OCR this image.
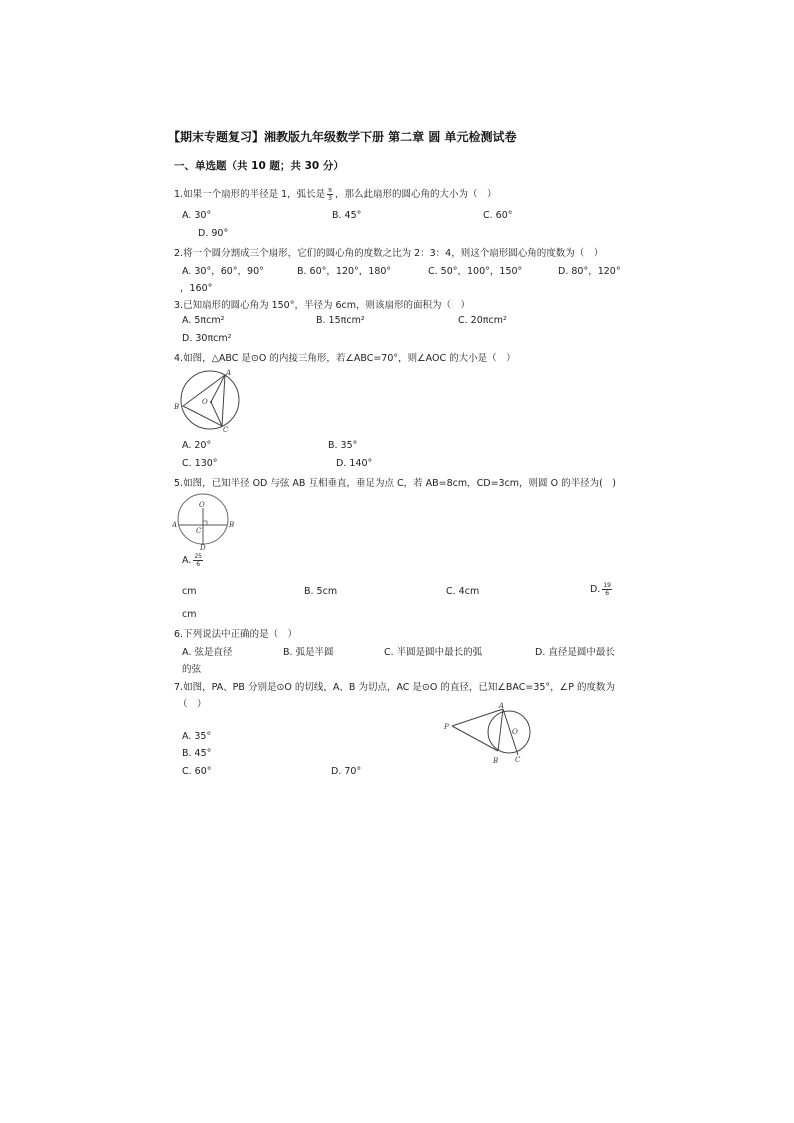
【期末专题复习】湘教版九年级数学下册 第二章 圆 单元检测试卷
一、单选题（共 10 题；共 30 分）
1.如果一个扇形的半径是 1，弧长是 $\frac{\pi}{3}$ ，那么此扇形的圆心角的大小为（　）
A. 30°	B. 45°	C. 60°
D. 90°
2.将一个圆分割成三个扇形，它们的圆心角的度数之比为 2：3：4，则这个扇形圆心角的度数为（　）
A. 30°，60°，90°	B. 60°，120°，180°	C. 50°，100°，150°	D. 80°，120°
，160°
3.已知扇形的圆心角为 150°，半径为 6cm，则该扇形的面积为（　）
A. 5πcm²	B. 15πcm²	C. 20πcm²
D. 30πcm²
4.如图，△ABC 是⊙O 的内接三角形，若∠ABC=70°，则∠AOC 的大小是（　）
A
B
C
O
A. 20°	B. 35°
C. 130°	D. 140°
5.如图，已知半径 OD 与弦 AB 互相垂直，垂足为点 C，若 AB=8cm，CD=3cm，则圆 O 的半径为(　)
O
A
C
B
D
A. $\frac{25}{6}$
cm	B. 5cm	C. 4cm	D. $\frac{19}{6}$
cm
6.下列说法中正确的是（　）
A. 弦是直径	B. 弧是半圆	C. 半圆是圆中最长的弧	D. 直径是圆中最长
的弦
7.如图，PA、PB 分别是⊙O 的切线，A、B 为切点，AC 是⊙O 的直径，已知∠BAC=35°，∠P 的度数为
（　）
P
A
O
B C
A. 35°
B. 45°
C. 60°	D. 70°
